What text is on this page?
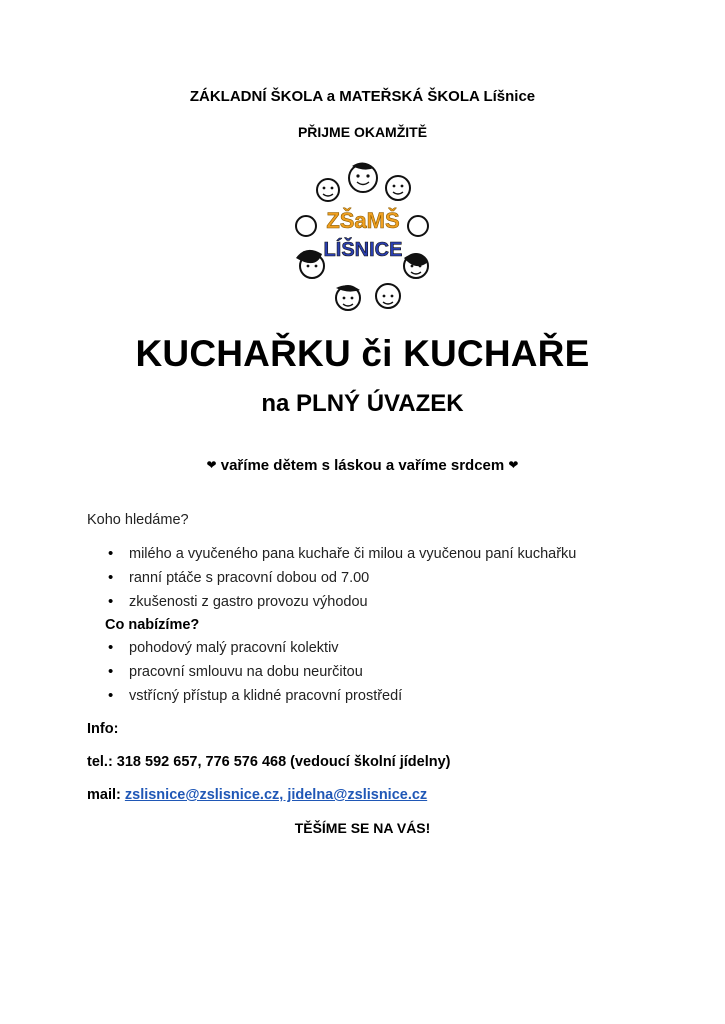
ZÁKLADNÍ ŠKOLA a MATEŘSKÁ ŠKOLA Líšnice
PŘIJME OKAMŽITĚ
ZŠaMŠ
LÍŠNICE
KUCHAŘKU či KUCHAŘE
na PLNÝ ÚVAZEK
❤ vaříme dětem s láskou a vaříme srdcem ❤

Koho hledáme?

• milého a vyučeného pana kuchaře či milou a vyučenou paní kuchařku
• ranní ptáče s pracovní dobou od 7.00
• zkušenosti z gastro provozu výhodou

Co nabízíme?

• pohodový malý pracovní kolektiv
• pracovní smlouvu na dobu neurčitou
• vstřícný přístup a klidné pracovní prostředí
Info:
tel.: 318 592 657, 776 576 468 (vedoucí školní jídelny)
mail: zslisnice@zslisnice.cz, jidelna@zslisnice.cz
TĚŠÍME SE NA VÁS!
